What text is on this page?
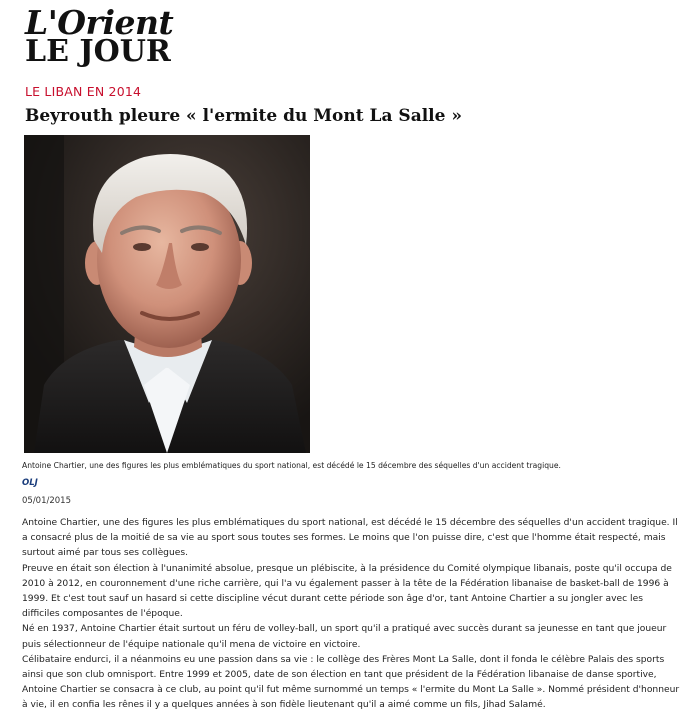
L'Orient
LE JOUR
LE LIBAN EN 2014
Beyrouth pleure « l'ermite du Mont La Salle »
Antoine Chartier, une des figures les plus emblématiques du sport national, est décédé le 15 décembre des séquelles d'un accident tragique.
OLJ
05/01/2015

Antoine Chartier, une des figures les plus emblématiques du sport national, est décédé le 15 décembre des séquelles d'un accident tragique. Il a consacré plus de la moitié de sa vie au sport sous toutes ses formes. Le moins que l'on puisse dire, c'est que l'homme était respecté, mais surtout aimé par tous ses collègues.

Preuve en était son élection à l'unanimité absolue, presque un plébiscite, à la présidence du Comité olympique libanais, poste qu'il occupa de 2010 à 2012, en couronnement d'une riche carrière, qui l'a vu également passer à la tête de la Fédération libanaise de basket-ball de 1996 à 1999. Et c'est tout sauf un hasard si cette discipline vécut durant cette période son âge d'or, tant Antoine Chartier a su jongler avec les difficiles composantes de l'époque.

Né en 1937, Antoine Chartier était surtout un féru de volley-ball, un sport qu'il a pratiqué avec succès durant sa jeunesse en tant que joueur puis sélectionneur de l'équipe nationale qu'il mena de victoire en victoire.

Célibataire endurci, il a néanmoins eu une passion dans sa vie : le collège des Frères Mont La Salle, dont il fonda le célèbre Palais des sports ainsi que son club omnisport. Entre 1999 et 2005, date de son élection en tant que président de la Fédération libanaise de danse sportive, Antoine Chartier se consacra à ce club, au point qu'il fut même surnommé un temps « l'ermite du Mont La Salle ». Nommé président d'honneur à vie, il en confia les rênes il y a quelques années à son fidèle lieutenant qu'il a aimé comme un fils, Jihad Salamé.
